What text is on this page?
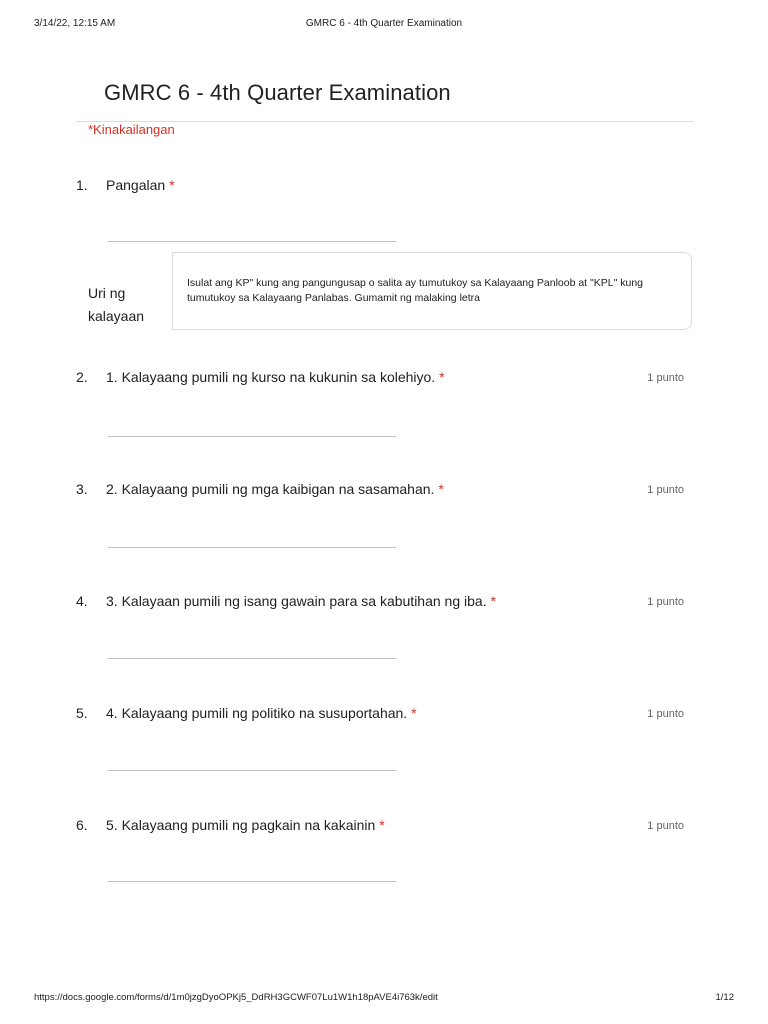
3/14/22, 12:15 AM	GMRC 6 - 4th Quarter Examination
GMRC 6 - 4th Quarter Examination
*Kinakailangan
1. Pangalan *
Uri ng kalayaan
Isulat ang KP" kung ang pangungusap o salita ay tumutukoy sa Kalayaang Panloob at "KPL" kung tumutukoy sa Kalayaang Panlabas. Gumamit ng malaking letra
2. 1. Kalayaang pumili ng kurso na kukunin sa kolehiyo. *	1 punto
3. 2. Kalayaang pumili ng mga kaibigan na sasamahan. *	1 punto
4. 3. Kalayaan pumili ng isang gawain para sa kabutihan ng iba. *	1 punto
5. 4. Kalayaang pumili ng politiko na susuportahan. *	1 punto
6. 5. Kalayaang pumili ng pagkain na kakainin *	1 punto
https://docs.google.com/forms/d/1m0jzgDyoOPKj5_DdRH3GCWF07Lu1W1h18pAVE4i763k/edit	1/12
